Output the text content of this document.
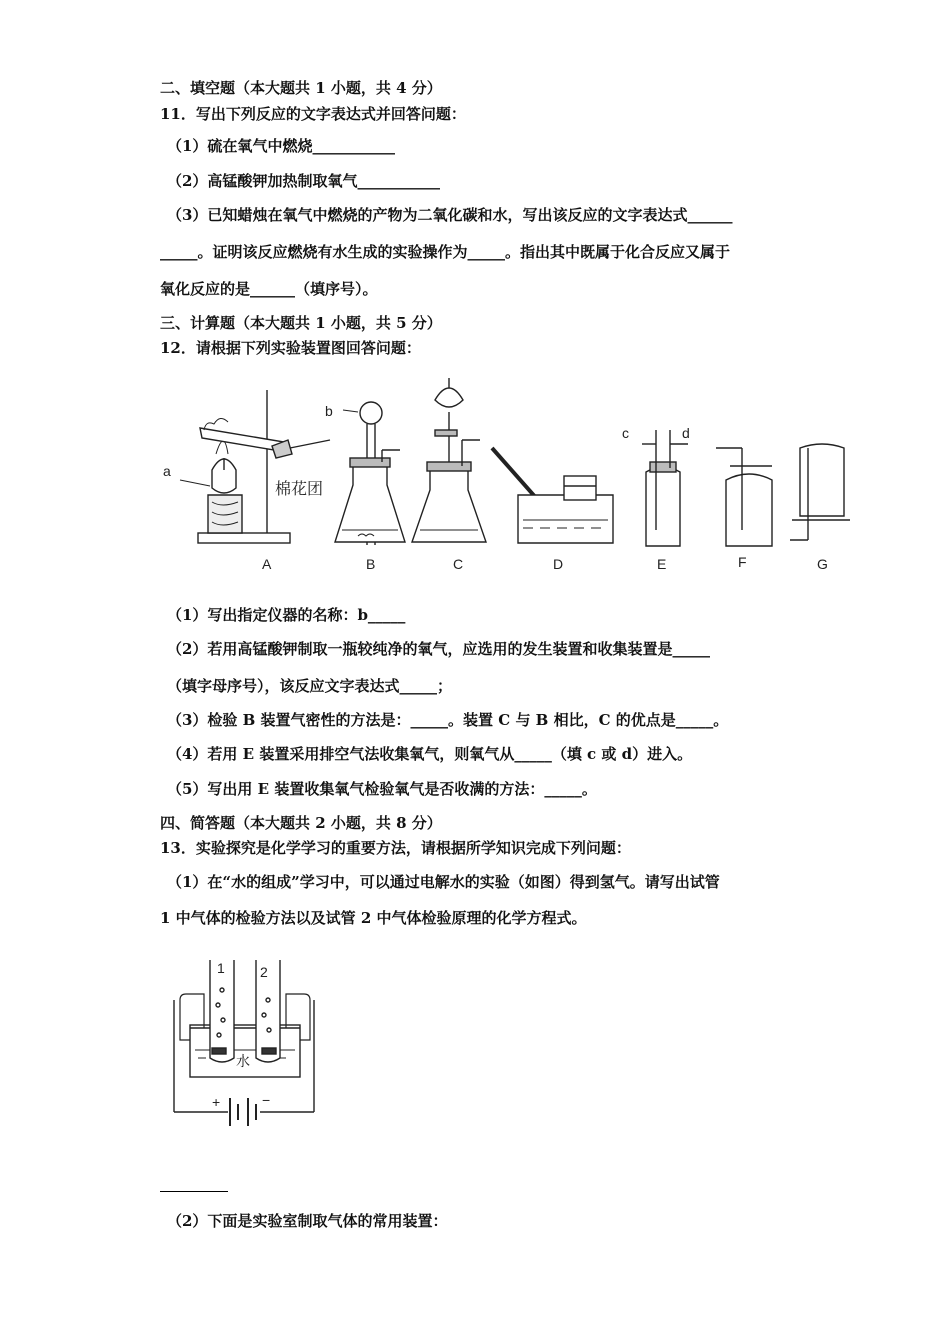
二、填空题（本大题共 1 小题，共 4 分）
11．写出下列反应的文字表达式并回答问题：
（1）硫在氧气中燃烧___________
（2）高锰酸钾加热制取氧气___________
（3）已知蜡烛在氧气中燃烧的产物为二氧化碳和水，写出该反应的文字表达式______
_____。证明该反应燃烧有水生成的实验操作为_____。指出其中既属于化合反应又属于
氧化反应的是______（填序号）。
三、计算题（本大题共 1 小题，共 5 分）
12．请根据下列实验装置图回答问题：
a
b
c	d
棉花团
A	B	C	D	E	F	G
（1）写出指定仪器的名称：b_____
（2）若用高锰酸钾制取一瓶较纯净的氧气，应选用的发生装置和收集装置是_____
（填字母序号），该反应文字表达式_____；
（3）检验 B 装置气密性的方法是：_____。装置 C 与 B 相比，C 的优点是_____。
（4）若用 E 装置采用排空气法收集氧气，则氧气从_____（填 c 或 d）进入。
（5）写出用 E 装置收集氧气检验氧气是否收满的方法：_____。
四、简答题（本大题共 2 小题，共 8 分）
13．实验探究是化学学习的重要方法，请根据所学知识完成下列问题：
（1）在“水的组成”学习中，可以通过电解水的实验（如图）得到氢气。请写出试管
1 中气体的检验方法以及试管 2 中气体检验原理的化学方程式。
1	2
水
+	−
（2）下面是实验室制取气体的常用装置：
